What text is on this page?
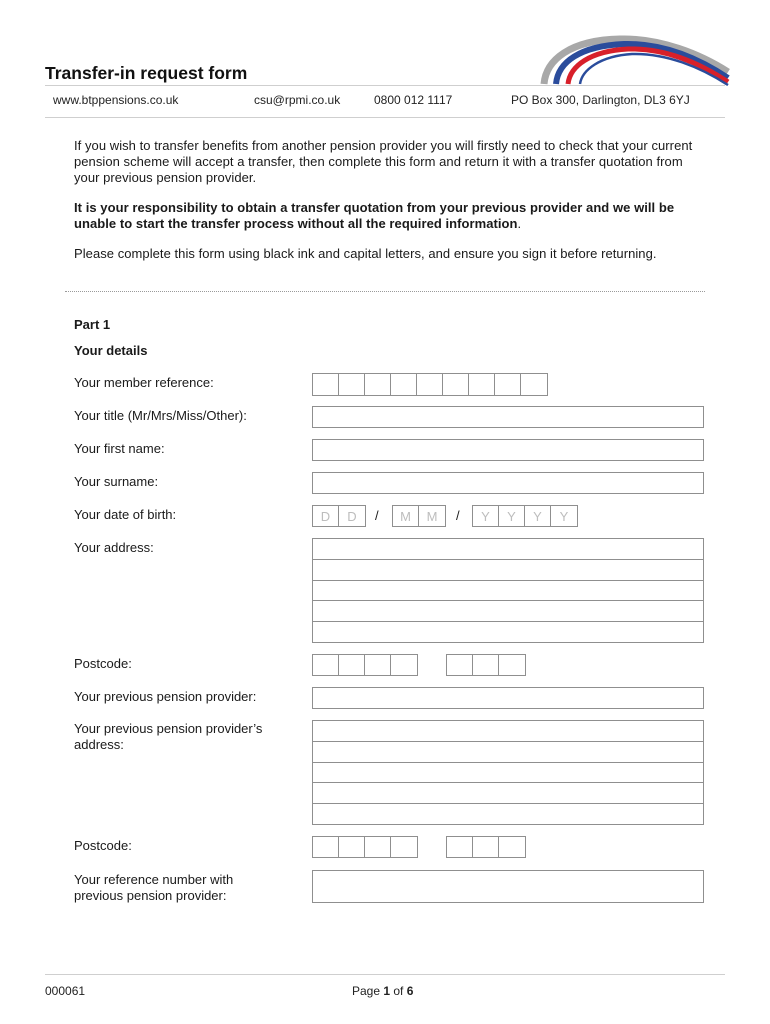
Transfer-in request form
www.btppensions.co.uk	csu@rpmi.co.uk	0800 012 1117	PO Box 300, Darlington, DL3 6YJ
If you wish to transfer benefits from another pension provider you will firstly need to check that your current pension scheme will accept a transfer, then complete this form and return it with a transfer quotation from your previous pension provider.
It is your responsibility to obtain a transfer quotation from your previous provider and we will be unable to start the transfer process without all the required information.
Please complete this form using black ink and capital letters, and ensure you sign it before returning.
Part 1
Your details
Your member reference:
Your title (Mr/Mrs/Miss/Other):
Your first name:
Your surname:
Your date of birth:	D	D	/	M	M	/	Y	Y	Y	Y
Your address:
Postcode:
Your previous pension provider:
Your previous pension provider’s
address:
Postcode:
Your reference number with
previous pension provider:
000061	Page 1 of 6
